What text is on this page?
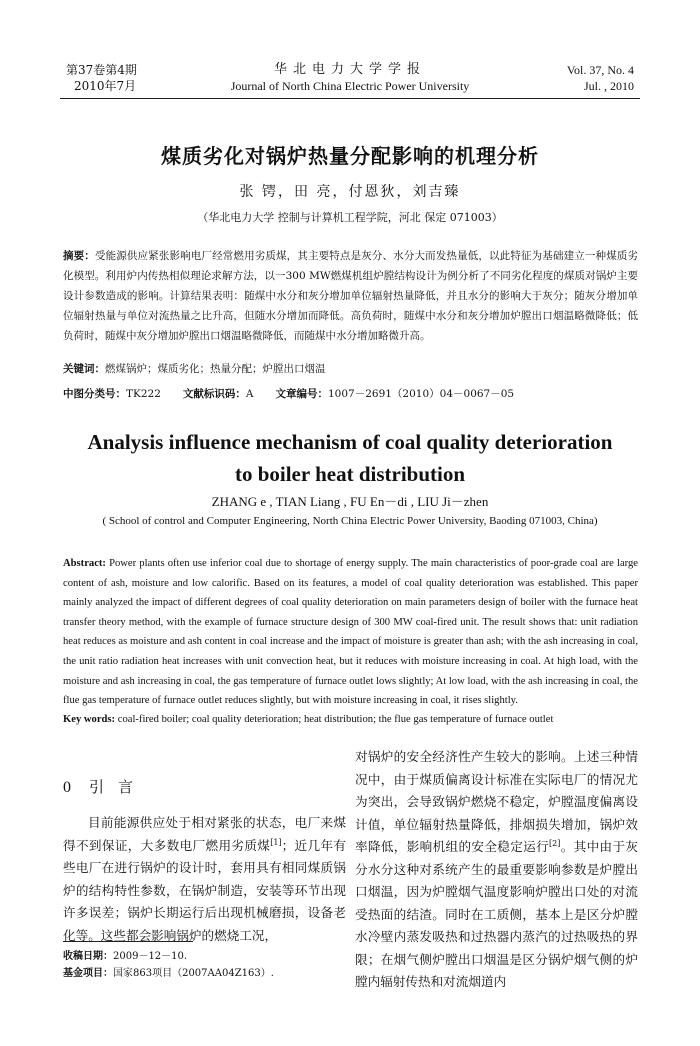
第37卷第4期
2010年7月
华北电力大学学报
Journal of North China Electric Power University
Vol. 37, No. 4
Jul. , 2010
煤质劣化对锅炉热量分配影响的机理分析
张 锷，田 亮，付恩狄，刘吉臻
（华北电力大学 控制与计算机工程学院，河北 保定 071003）
摘要：受能源供应紧张影响电厂经常燃用劣质煤，其主要特点是灰分、水分大而发热量低，以此特征为基础建立一种煤质劣化模型。利用炉内传热相似理论求解方法，以一300 MW燃煤机组炉膛结构设计为例分析了不同劣化程度的煤质对锅炉主要设计参数造成的影响。计算结果表明：随煤中水分和灰分增加单位辐射热量降低，并且水分的影响大于灰分；随灰分增加单位辐射热量与单位对流热量之比升高，但随水分增加而降低。高负荷时，随煤中水分和灰分增加炉膛出口烟温略微降低；低负荷时，随煤中灰分增加炉膛出口烟温略微降低，而随煤中水分增加略微升高。
关键词：燃煤锅炉；煤质劣化；热量分配；炉膛出口烟温
中图分类号：TK222 文献标识码：A 文章编号：1007－2691（2010）04－0067－05
Analysis influence mechanism of coal quality deterioration
to boiler heat distribution
ZHANG e , TIAN Liang , FU En－di , LIU Ji－zhen
( School of control and Computer Engineering, North China Electric Power University, Baoding 071003, China)
Abstract: Power plants often use inferior coal due to shortage of energy supply. The main characteristics of poor-grade coal are large content of ash, moisture and low calorific. Based on its features, a model of coal quality deterioration was established. This paper mainly analyzed the impact of different degrees of coal quality deterioration on main parameters design of boiler with the furnace heat transfer theory method, with the example of furnace structure design of 300 MW coal-fired unit. The result shows that: unit radiation heat reduces as moisture and ash content in coal increase and the impact of moisture is greater than ash; with the ash increasing in coal, the unit ratio radiation heat increases with unit convection heat, but it reduces with moisture increasing in coal. At high load, with the moisture and ash increasing in coal, the gas temperature of furnace outlet lows slightly; At low load, with the ash increasing in coal, the flue gas temperature of furnace outlet reduces slightly, but with moisture increasing in coal, it rises slightly.
Key words: coal-fired boiler; coal quality deterioration; heat distribution; the flue gas temperature of furnace outlet
0 引言
目前能源供应处于相对紧张的状态，电厂来煤得不到保证，大多数电厂燃用劣质煤[1]；近几年有些电厂在进行锅炉的设计时，套用具有相同煤质锅炉的结构特性参数，在锅炉制造，安装等环节出现许多误差；锅炉长期运行后出现机械磨损，设备老化等。这些都会影响锅炉的燃烧工况，
对锅炉的安全经济性产生较大的影响。上述三种情况中，由于煤质偏离设计标准在实际电厂的情况尤为突出，会导致锅炉燃烧不稳定，炉膛温度偏离设计值，单位辐射热量降低，排烟损失增加，锅炉效率降低，影响机组的安全稳定运行[2]。其中由于灰分水分这种对系统产生的最重要影响参数是炉膛出口烟温，因为炉膛烟气温度影响炉膛出口处的对流受热面的结渣。同时在工质侧，基本上是区分炉膛水冷壁内蒸发吸热和过热器内蒸汽的过热吸热的界限；在烟气侧炉膛出口烟温是区分锅炉烟气侧的炉膛内辐射传热和对流烟道内
收稿日期：2009－12－10.
基金项目：国家863项目（2007AA04Z163）.
